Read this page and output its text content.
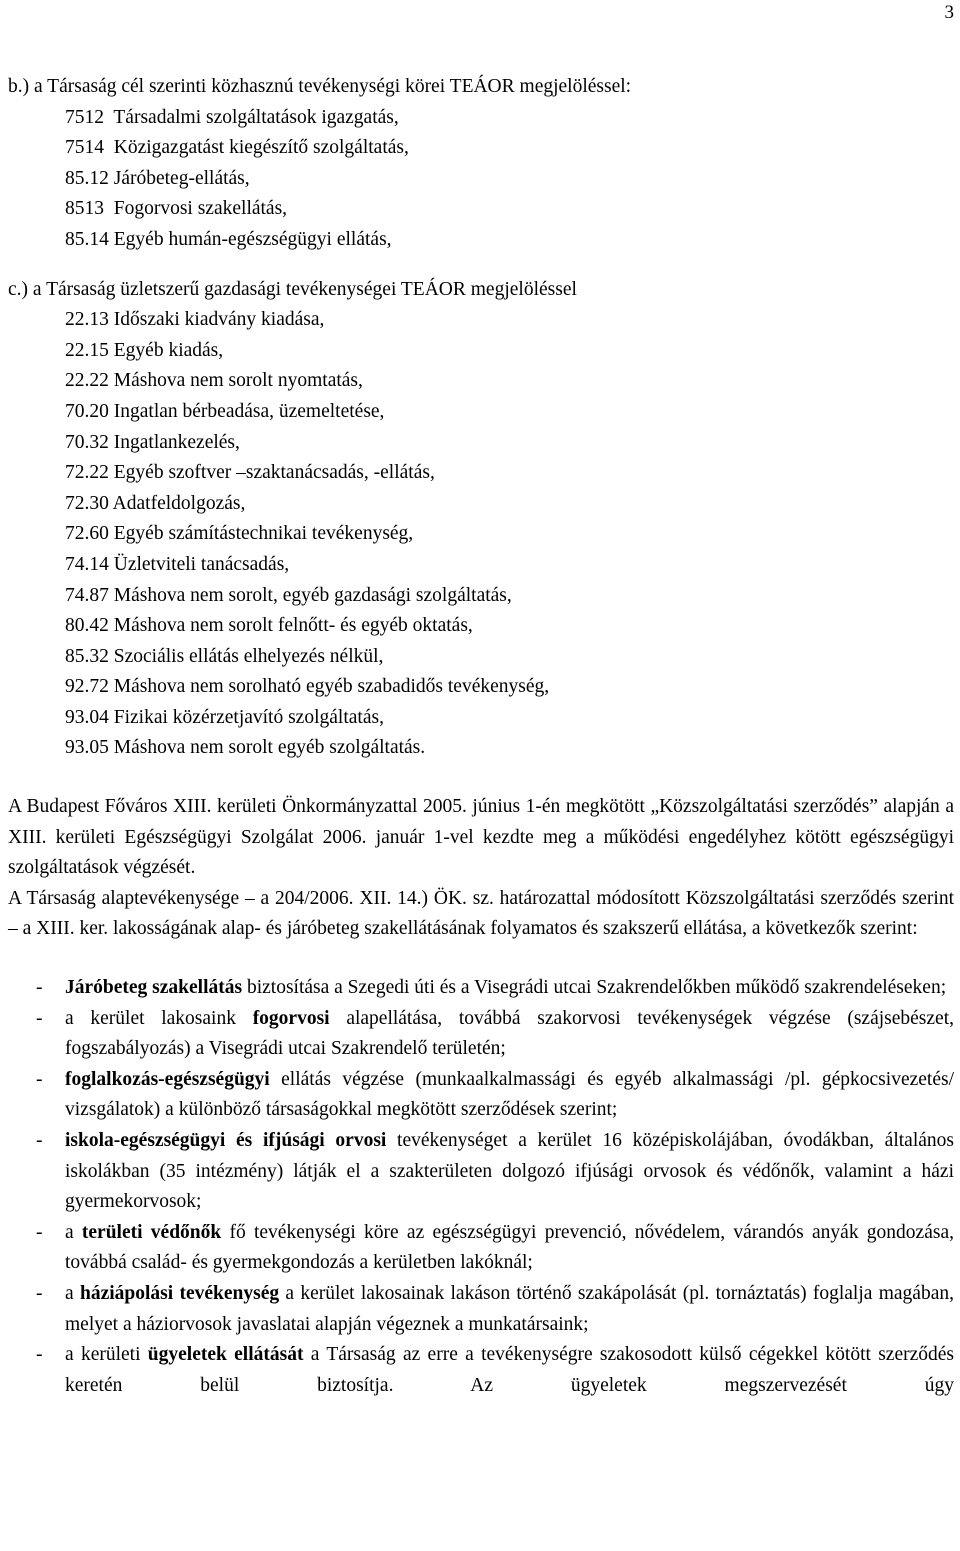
3
b.) a Társaság cél szerinti közhasznú tevékenységi körei TEÁOR megjelöléssel:
7512  Társadalmi szolgáltatások igazgatás,
7514  Közigazgatást kiegészítő szolgáltatás,
85.12 Járóbeteg-ellátás,
8513  Fogorvosi szakellátás,
85.14 Egyéb humán-egészségügyi ellátás,
c.) a Társaság üzletszerű gazdasági tevékenységei TEÁOR megjelöléssel
22.13 Időszaki kiadvány kiadása,
22.15 Egyéb kiadás,
22.22 Máshova nem sorolt nyomtatás,
70.20 Ingatlan bérbeadása, üzemeltetése,
70.32 Ingatlankezelés,
72.22 Egyéb szoftver –szaktanácsadás, -ellátás,
72.30 Adatfeldolgozás,
72.60 Egyéb számítástechnikai tevékenység,
74.14 Üzletviteli tanácsadás,
74.87 Máshova nem sorolt, egyéb gazdasági szolgáltatás,
80.42 Máshova nem sorolt felnőtt- és egyéb oktatás,
85.32 Szociális ellátás elhelyezés nélkül,
92.72 Máshova nem sorolható egyéb szabadidős tevékenység,
93.04 Fizikai közérzetjavító szolgáltatás,
93.05 Máshova nem sorolt egyéb szolgáltatás.
A Budapest Főváros XIII. kerületi Önkormányzattal 2005. június 1-én megkötött „Közszolgáltatási szerződés” alapján a XIII. kerületi Egészségügyi Szolgálat 2006. január 1-vel kezdte meg a működési engedélyhez kötött egészségügyi szolgáltatások végzését.
A Társaság alaptevékenysége – a 204/2006. XII. 14.) ÖK. sz. határozattal módosított Közszolgáltatási szerződés szerint – a XIII. ker. lakosságának alap- és járóbeteg szakellátásának folyamatos és szakszerű ellátása, a következők szerint:
- Járóbeteg szakellátás biztosítása a Szegedi úti és a Visegrádi utcai Szakrendelőkben működő szakrendeléseken;
- a kerület lakosaink fogorvosi alapellátása, továbbá szakorvosi tevékenységek végzése (szájsebészet, fogszabályozás) a Visegrádi utcai Szakrendelő területén;
- foglalkozás-egészségügyi ellátás végzése (munkaalkalmassági és egyéb alkalmassági /pl. gépkocsivezetés/ vizsgálatok) a különböző társaságokkal megkötött szerződések szerint;
- iskola-egészségügyi és ifjúsági orvosi tevékenységet a kerület 16 középiskolájában, óvodákban, általános iskolákban (35 intézmény) látják el a szakterületen dolgozó ifjúsági orvosok és védőnők, valamint a házi gyermekorvosok;
- a területi védőnők fő tevékenységi köre az egészségügyi prevenció, nővédelem, várandós anyák gondozása, továbbá család- és gyermekgondozás a kerületben lakóknál;
- a háziápolási tevékenység a kerület lakosainak lakáson történő szakápolását (pl. tornáztatás) foglalja magában, melyet a háziorvosok javaslatai alapján végeznek a munkatársaink;
- a kerületi ügyeletek ellátását a Társaság az erre a tevékenységre szakosodott külső cégekkel kötött szerződés keretén belül biztosítja. Az ügyeletek megszervezését úgy
